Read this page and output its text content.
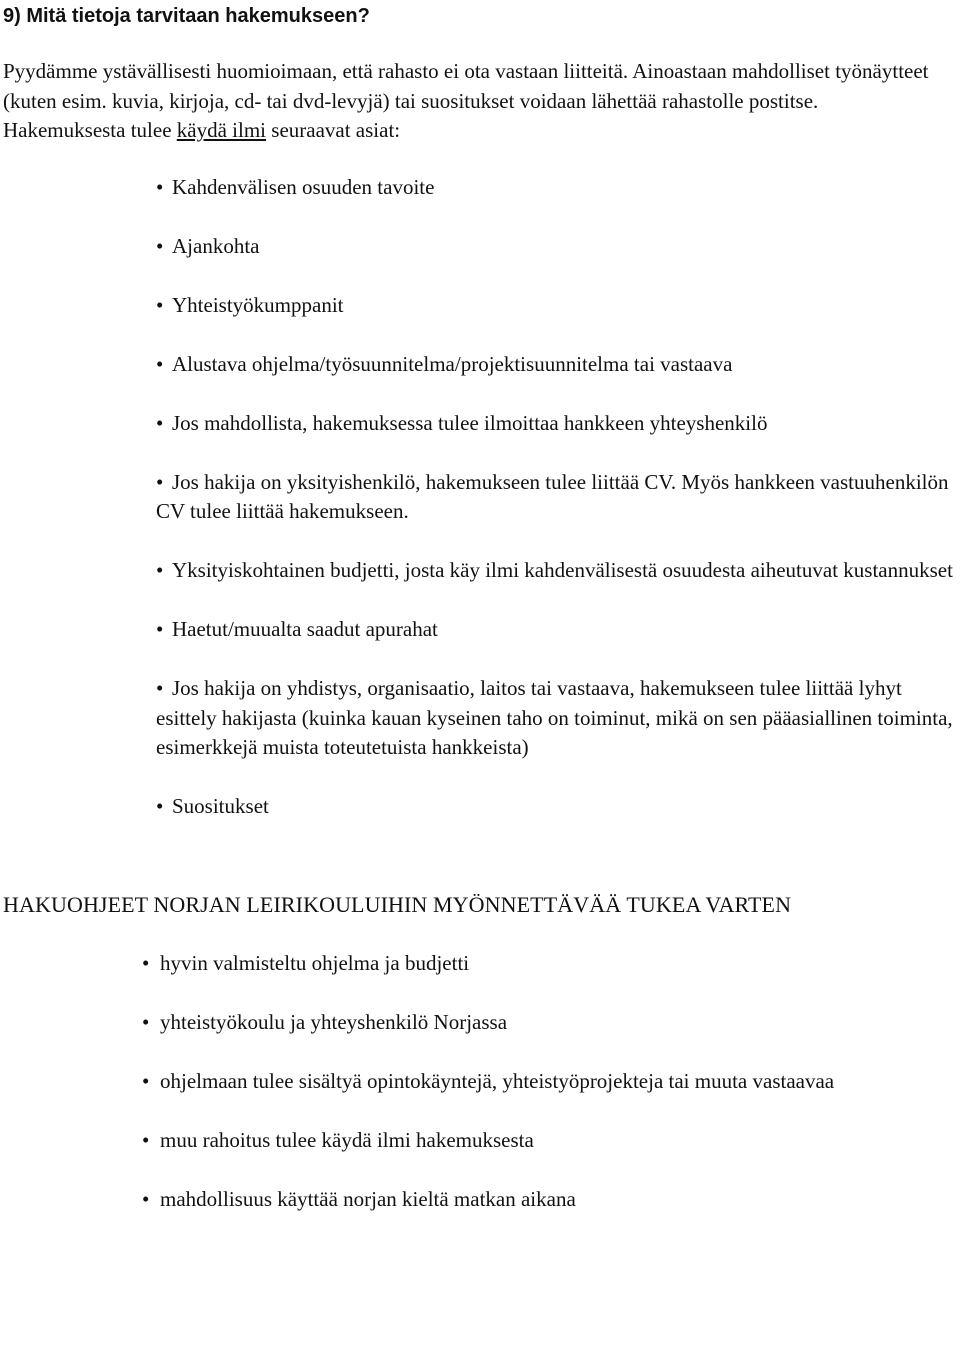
9) Mitä tietoja tarvitaan hakemukseen?

Pyydämme ystävällisesti huomioimaan, että rahasto ei ota vastaan liitteitä. Ainoastaan mahdolliset työnäytteet (kuten esim. kuvia, kirjoja, cd- tai dvd-levyjä) tai suositukset voidaan lähettää rahastolle postitse.

Hakemuksesta tulee käydä ilmi seuraavat asiat:

• Kahdenvälisen osuuden tavoite
• Ajankohta
• Yhteistyökumppanit
• Alustava ohjelma/työsuunnitelma/projektisuunnitelma tai vastaava
• Jos mahdollista, hakemuksessa tulee ilmoittaa hankkeen yhteyshenkilö
• Jos hakija on yksityishenkilö, hakemukseen tulee liittää CV. Myös hankkeen vastuuhenkilön CV tulee liittää hakemukseen.
• Yksityiskohtainen budjetti, josta käy ilmi kahdenvälisestä osuudesta aiheutuvat kustannukset
• Haetut/muualta saadut apurahat
• Jos hakija on yhdistys, organisaatio, laitos tai vastaava, hakemukseen tulee liittää lyhyt esittely hakijasta (kuinka kauan kyseinen taho on toiminut, mikä on sen pääasiallinen toiminta, esimerkkejä muista toteutetuista hankkeista)
• Suositukset

HAKUOHJEET NORJAN LEIRIKOULUIHIN MYÖNNETTÄVÄÄ TUKEA VARTEN

• hyvin valmisteltu ohjelma ja budjetti
• yhteistyökoulu ja yhteyshenkilö Norjassa
• ohjelmaan tulee sisältyä opintokäyntejä, yhteistyöprojekteja tai muuta vastaavaa
• muu rahoitus tulee käydä ilmi hakemuksesta
• mahdollisuus käyttää norjan kieltä matkan aikana
